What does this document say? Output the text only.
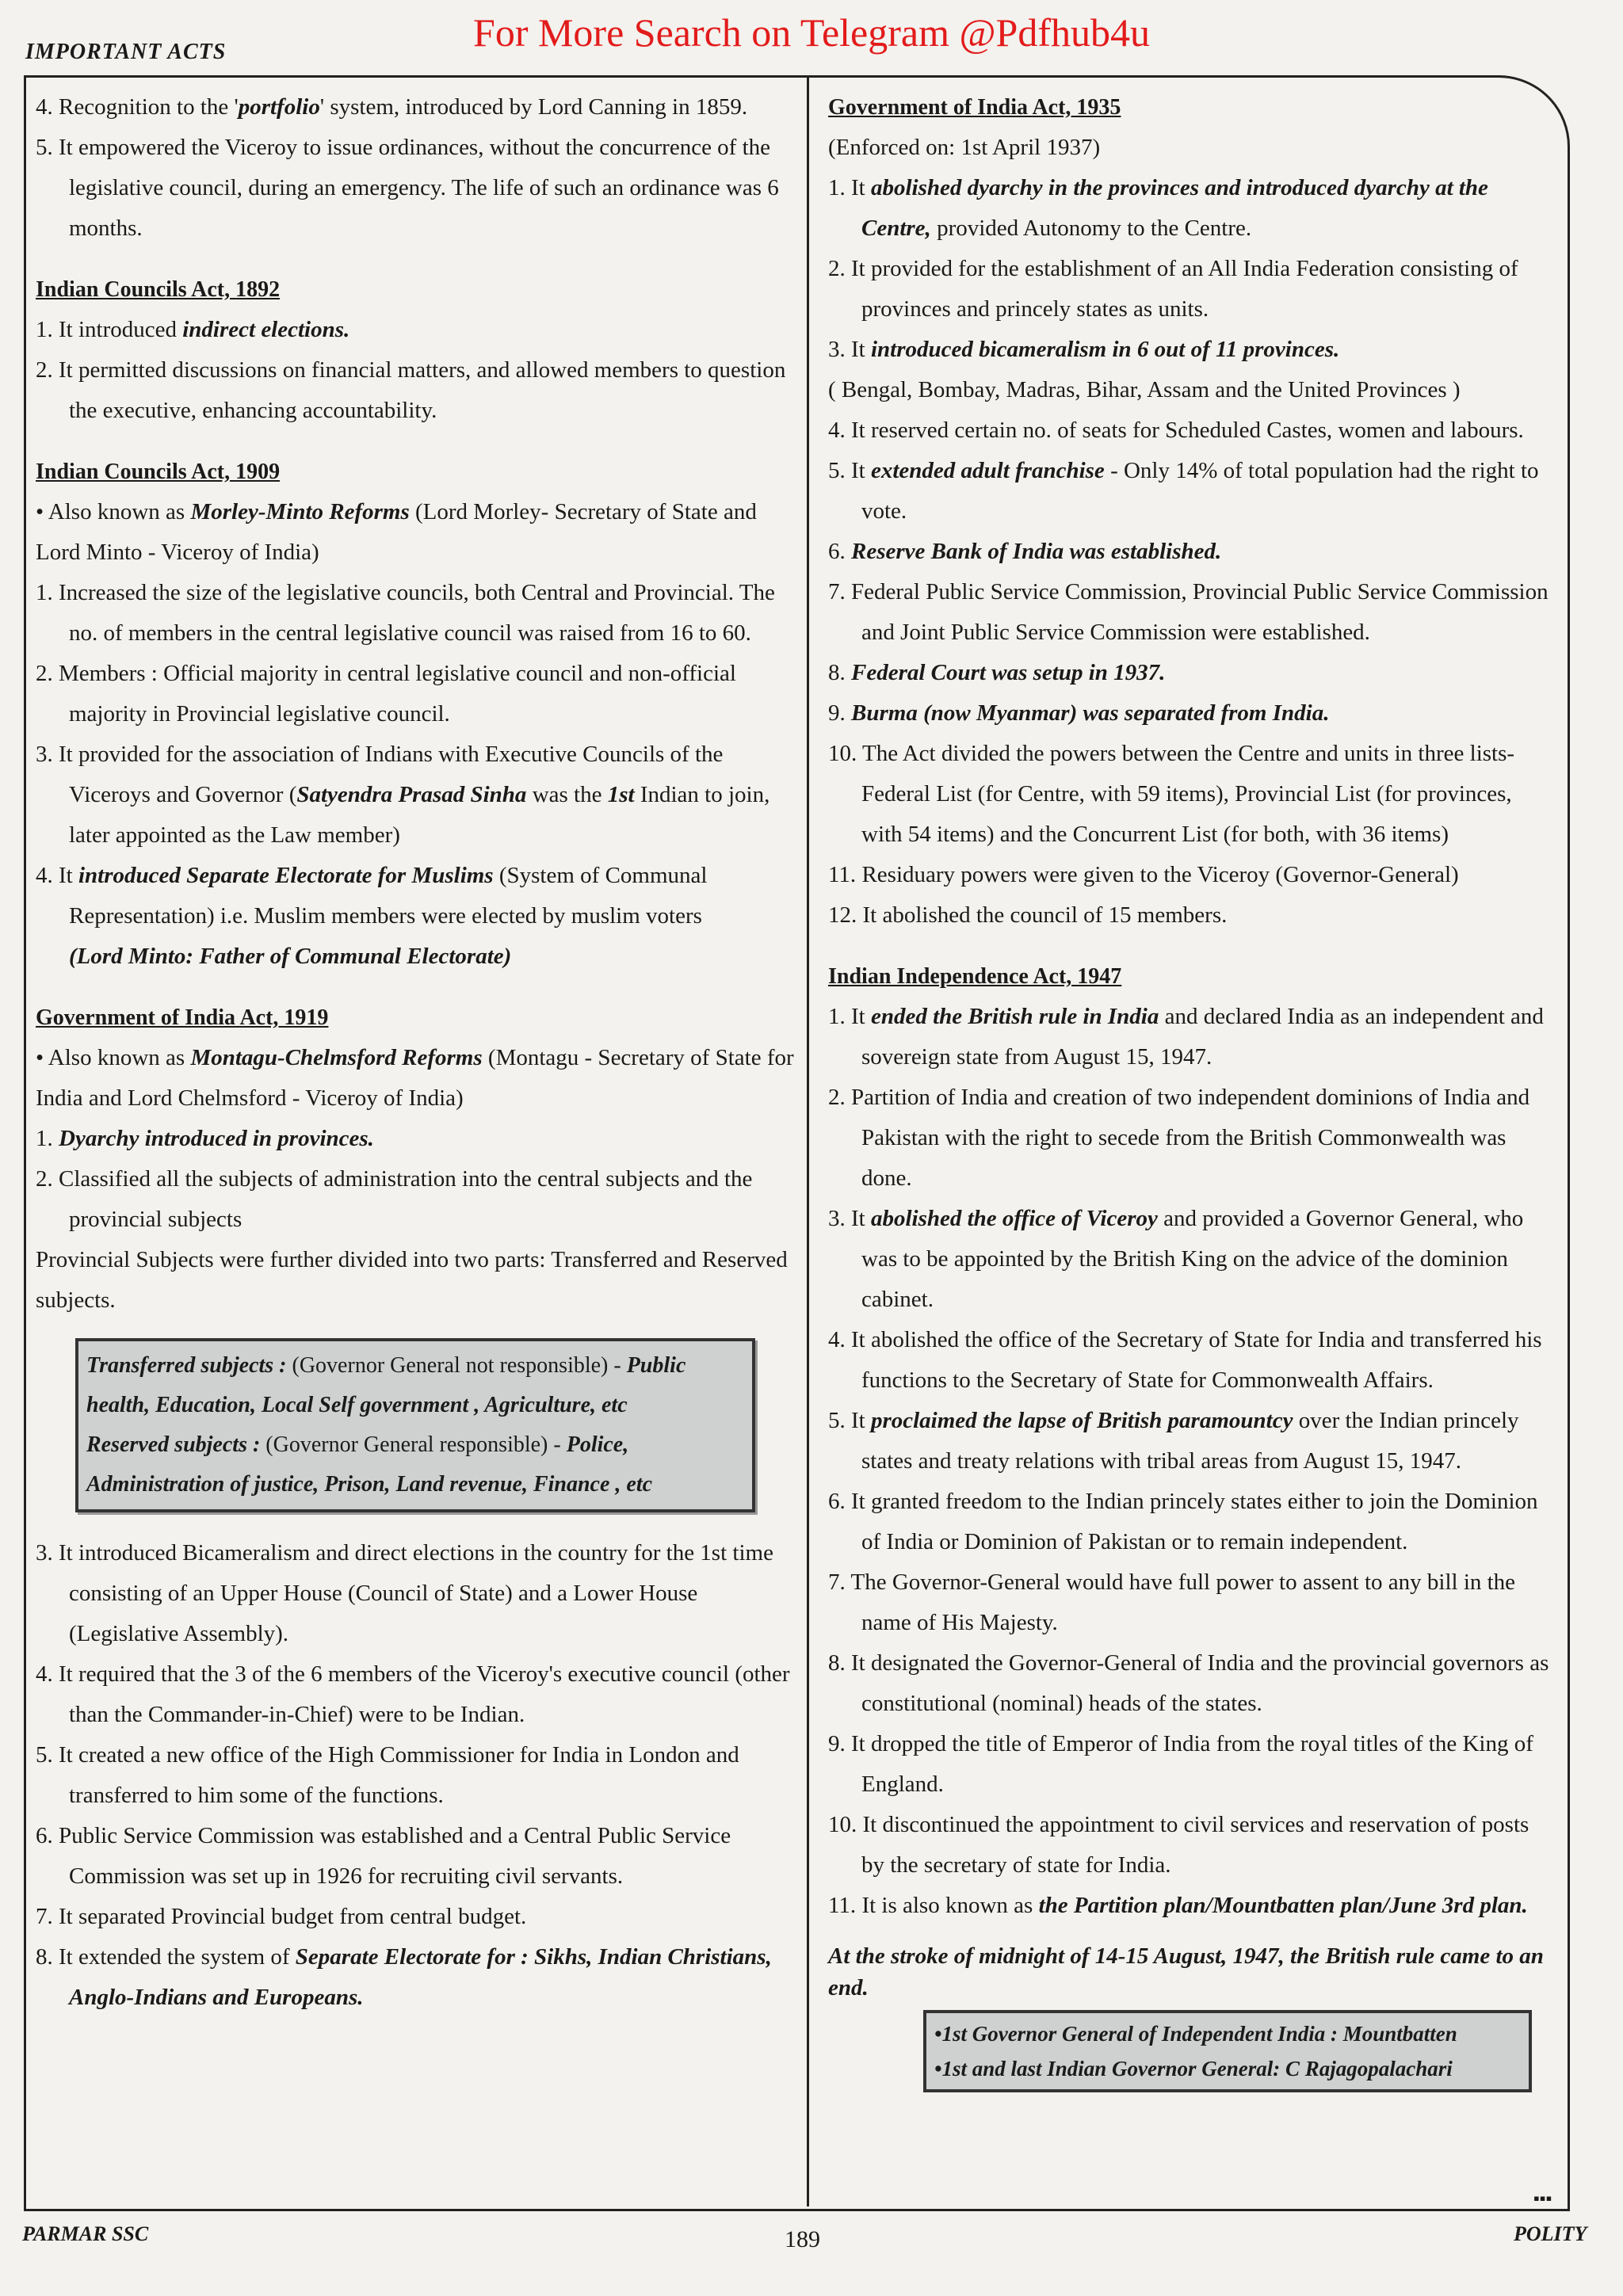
For More Search on Telegram @Pdfhub4u
IMPORTANT ACTS

4. Recognition to the 'portfolio' system, introduced by Lord Canning in 1859.

5. It empowered the Viceroy to issue ordinances, without the concurrence of the legislative council, during an emergency. The life of such an ordinance was 6 months.

Indian Councils Act, 1892

1. It introduced indirect elections.

2. It permitted discussions on financial matters, and allowed members to question the executive, enhancing accountability.

Indian Councils Act, 1909

• Also known as Morley-Minto Reforms (Lord Morley- Secretary of State and Lord Minto - Viceroy of India)

1. Increased the size of the legislative councils, both Central and Provincial. The no. of members in the central legislative council was raised from 16 to 60.

2. Members : Official majority in central legislative council and non-official majority in Provincial legislative council.

3. It provided for the association of Indians with Executive Councils of the Viceroys and Governor (Satyendra Prasad Sinha was the 1st Indian to join, later appointed as the Law member)

4. It introduced Separate Electorate for Muslims (System of Communal Representation) i.e. Muslim members were elected by muslim voters

(Lord Minto: Father of Communal Electorate)

Government of India Act, 1919

• Also known as Montagu-Chelmsford Reforms (Montagu - Secretary of State for India and Lord Chelmsford - Viceroy of India)

1. Dyarchy introduced in provinces.

2. Classified all the subjects of administration into the central subjects and the provincial subjects

Provincial Subjects were further divided into two parts: Transferred and Reserved subjects.

Transferred subjects : (Governor General not responsible) - Public health, Education, Local Self government , Agriculture, etc
Reserved subjects : (Governor General responsible) - Police, Administration of justice, Prison, Land revenue, Finance , etc

3. It introduced Bicameralism and direct elections in the country for the 1st time consisting of an Upper House (Council of State) and a Lower House (Legislative Assembly).

4. It required that the 3 of the 6 members of the Viceroy's executive council (other than the Commander-in-Chief) were to be Indian.

5. It created a new office of the High Commissioner for India in London and transferred to him some of the functions.

6. Public Service Commission was established and a Central Public Service Commission was set up in 1926 for recruiting civil servants.

7. It separated Provincial budget from central budget.

8. It extended the system of Separate Electorate for : Sikhs, Indian Christians, Anglo-Indians and Europeans.

Government of India Act, 1935

(Enforced on: 1st April 1937)

1. It abolished dyarchy in the provinces and introduced dyarchy at the Centre, provided Autonomy to the Centre.

2. It provided for the establishment of an All India Federation consisting of provinces and princely states as units.

3. It introduced bicameralism in 6 out of 11 provinces.

( Bengal, Bombay, Madras, Bihar, Assam and the United Provinces )

4. It reserved certain no. of seats for Scheduled Castes, women and labours.

5. It extended adult franchise - Only 14% of total population had the right to vote.

6. Reserve Bank of India was established.

7. Federal Public Service Commission, Provincial Public Service Commission and Joint Public Service Commission were established.

8. Federal Court was setup in 1937.

9. Burma (now Myanmar) was separated from India.

10. The Act divided the powers between the Centre and units in three lists- Federal List (for Centre, with 59 items), Provincial List (for provinces, with 54 items) and the Concurrent List (for both, with 36 items)

11. Residuary powers were given to the Viceroy (Governor-General)

12. It abolished the council of 15 members.

Indian Independence Act, 1947

1. It ended the British rule in India and declared India as an independent and sovereign state from August 15, 1947.

2. Partition of India and creation of two independent dominions of India and Pakistan with the right to secede from the British Commonwealth was done.

3. It abolished the office of Viceroy and provided a Governor General, who was to be appointed by the British King on the advice of the dominion cabinet.

4. It abolished the office of the Secretary of State for India and transferred his functions to the Secretary of State for Commonwealth Affairs.

5. It proclaimed the lapse of British paramountcy over the Indian princely states and treaty relations with tribal areas from August 15, 1947.

6. It granted freedom to the Indian princely states either to join the Dominion of India or Dominion of Pakistan or to remain independent.

7. The Governor-General would have full power to assent to any bill in the name of His Majesty.

8. It designated the Governor-General of India and the provincial governors as constitutional (nominal) heads of the states.

9. It dropped the title of Emperor of India from the royal titles of the King of England.

10. It discontinued the appointment to civil services and reservation of posts by the secretary of state for India.

11. It is also known as the Partition plan/Mountbatten plan/June 3rd plan.

At the stroke of midnight of 14-15 August, 1947, the British rule came to an end.
•1st Governor General of Independent India : Mountbatten
•1st and last Indian Governor General: C Rajagopalachari
▪▪▪
PARMAR SSC	189	POLITY
